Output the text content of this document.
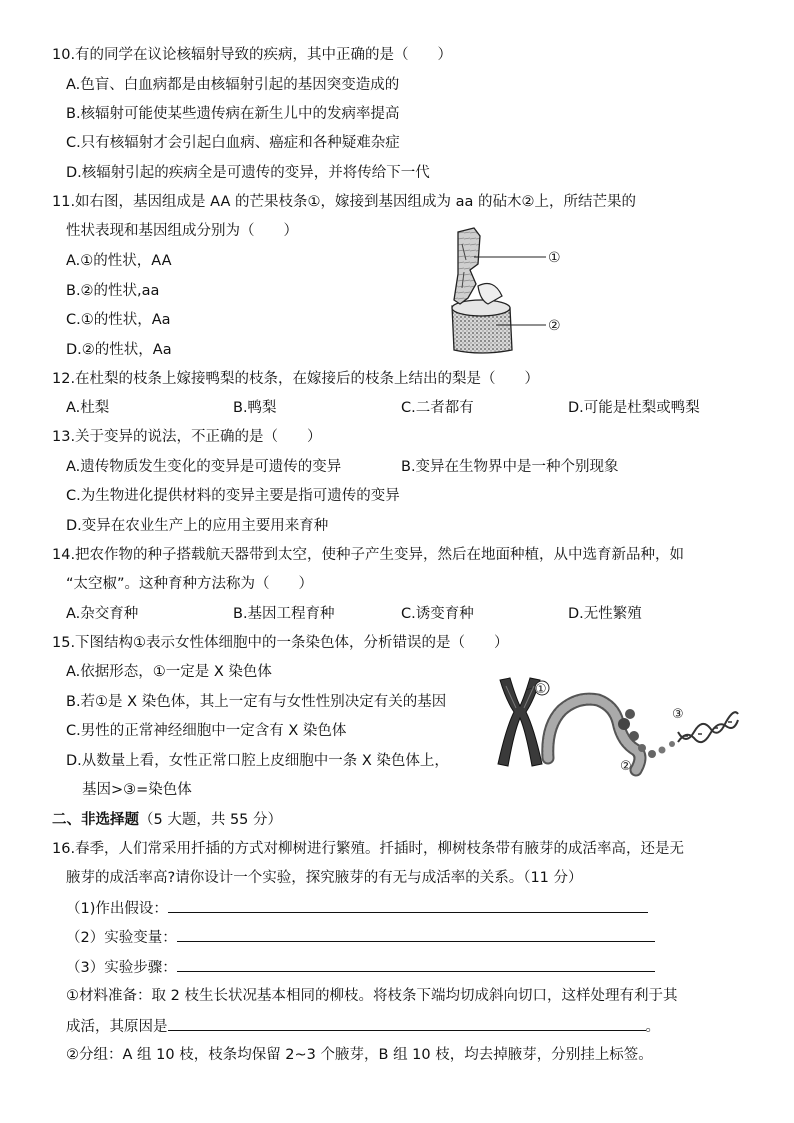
10.有的同学在议论核辐射导致的疾病，其中正确的是（　　）
A.色盲、白血病都是由核辐射引起的基因突变造成的
B.核辐射可能使某些遗传病在新生儿中的发病率提高
C.只有核辐射才会引起白血病、癌症和各种疑难杂症
D.核辐射引起的疾病全是可遗传的变异，并将传给下一代
11.如右图，基因组成是 AA 的芒果枝条①，嫁接到基因组成为 aa 的砧木②上，所结芒果的
性状表现和基因组成分别为（　　）
A.①的性状，AA
B.②的性状,aa
C.①的性状，Aa
D.②的性状，Aa
①
②
12.在杜梨的枝条上嫁接鸭梨的枝条，在嫁接后的枝条上结出的梨是（　　）
A.杜梨	B.鸭梨	C.二者都有	D.可能是杜梨或鸭梨
13.关于变异的说法，不正确的是（　　）
A.遗传物质发生变化的变异是可遗传的变异	B.变异在生物界中是一种个别现象
C.为生物进化提供材料的变异主要是指可遗传的变异
D.变异在农业生产上的应用主要用来育种
14.把农作物的种子搭载航天器带到太空，使种子产生变异，然后在地面种植，从中选育新品种，如
“太空椒”。这种育种方法称为（　　）
A.杂交育种	B.基因工程育种	C.诱变育种	D.无性繁殖
15.下图结构①表示女性体细胞中的一条染色体，分析错误的是（　　）
A.依据形态，①一定是 X 染色体
B.若①是 X 染色体，其上一定有与女性性别决定有关的基因
C.男性的正常神经细胞中一定含有 X 染色体
D.从数量上看，女性正常口腔上皮细胞中一条 X 染色体上，
基因>③=染色体
①
②
③
二、非选择题（5 大题，共 55 分）
16.春季，人们常采用扦插的方式对柳树进行繁殖。扦插时，柳树枝条带有腋芽的成活率高，还是无
腋芽的成活率高?请你设计一个实验，探究腋芽的有无与成活率的关系。（11 分）
（1)作出假设：
（2）实验变量：
（3）实验步骤：
①材料准备：取 2 枝生长状况基本相同的柳枝。将枝条下端均切成斜向切口，这样处理有利于其
成活，其原因是	。
②分组：A 组 10 枝，枝条均保留 2~3 个腋芽，B 组 10 枝，均去掉腋芽，分别挂上标签。
